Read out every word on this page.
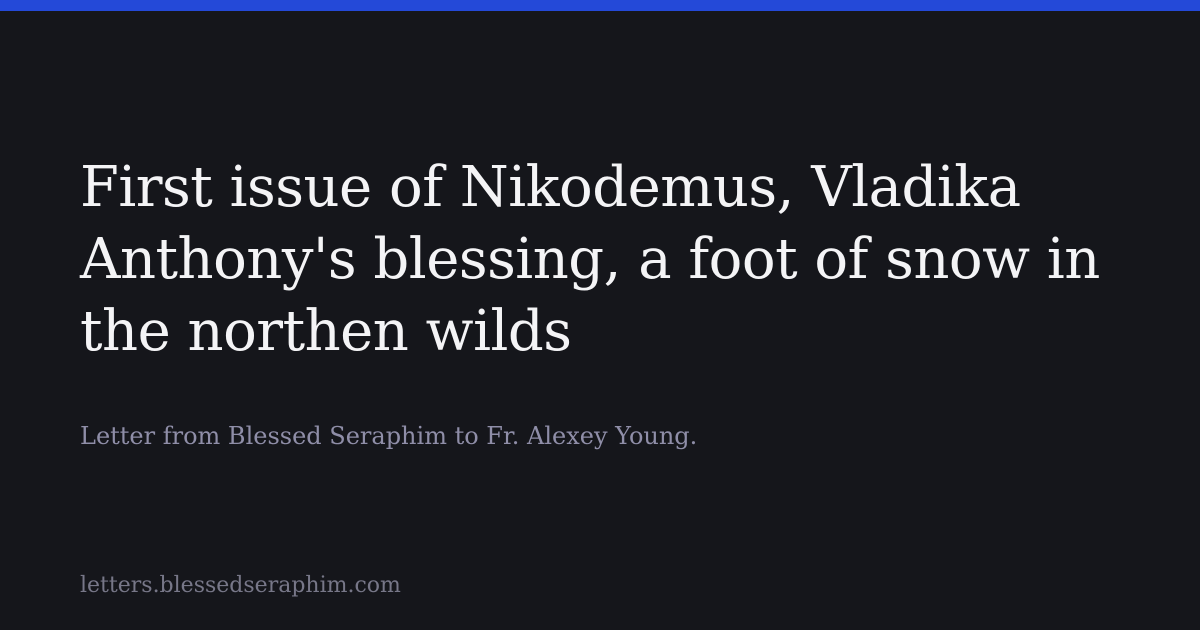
First issue of Nikodemus, Vladika Anthony's blessing, a foot of snow in the northen wilds

Letter from Blessed Seraphim to Fr. Alexey Young.

letters.blessedseraphim.com
